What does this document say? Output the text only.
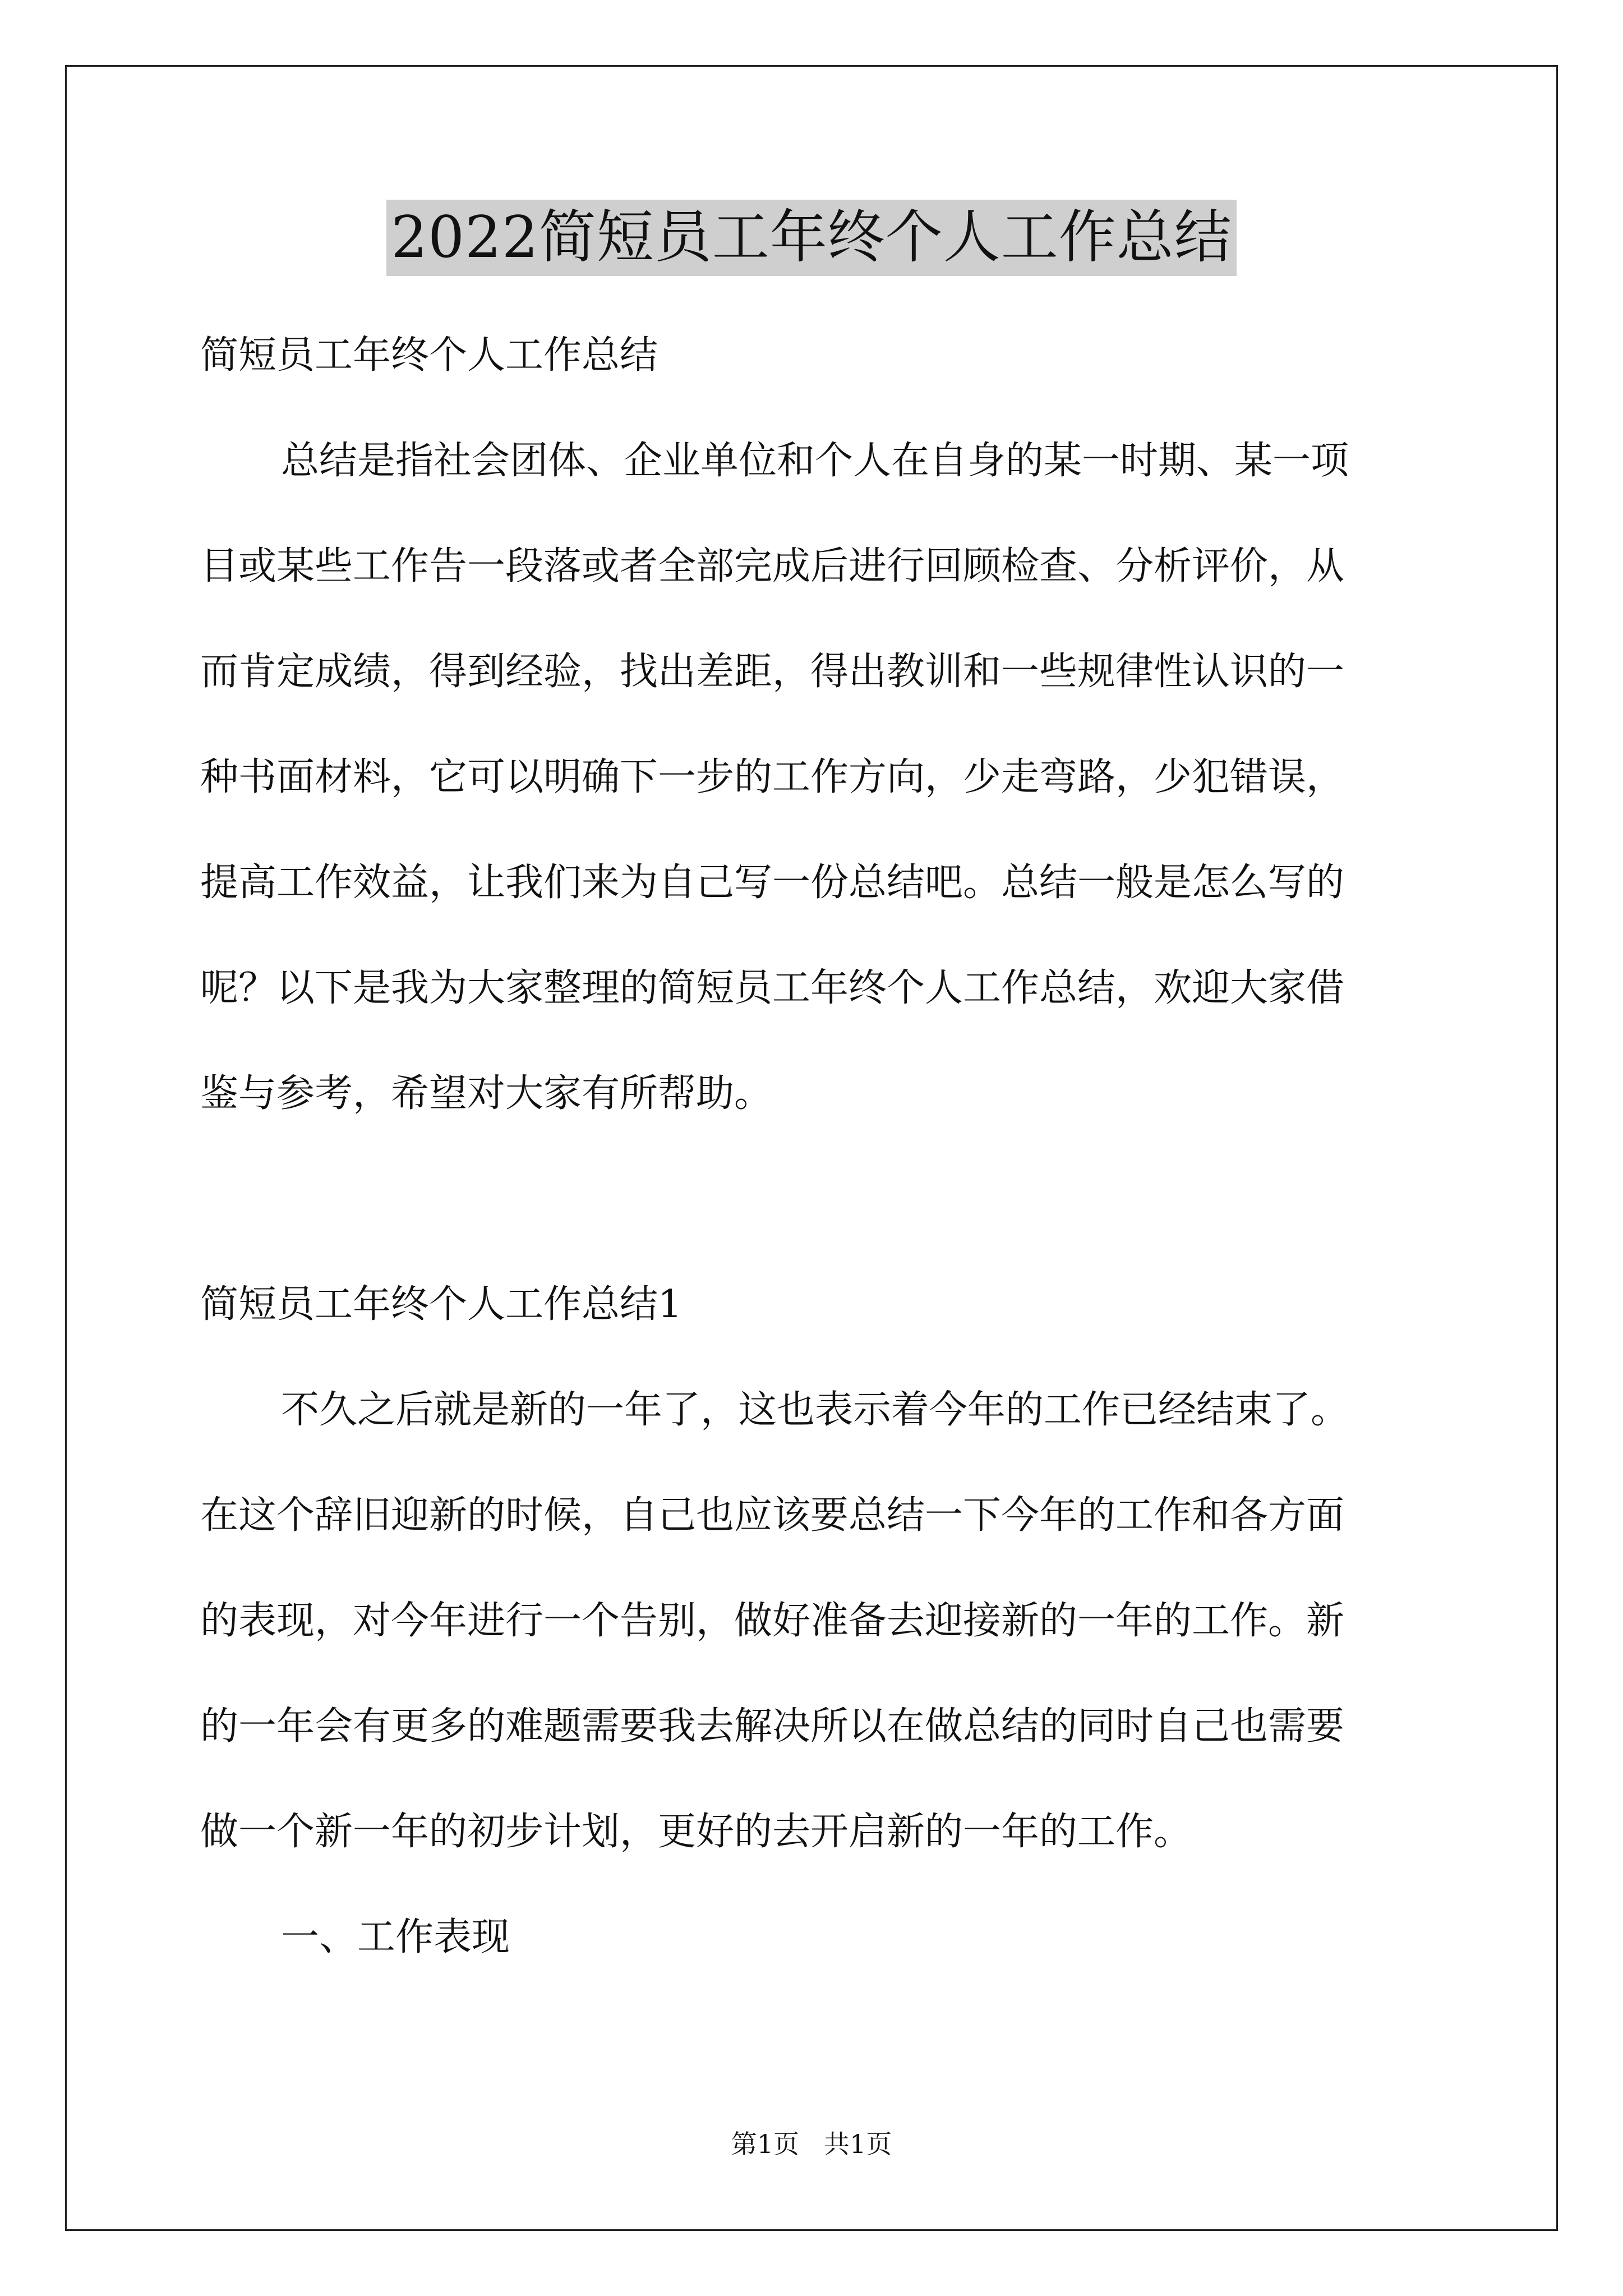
2022简短员工年终个人工作总结
简短员工年终个人工作总结
总结是指社会团体、企业单位和个人在自身的某一时期、某一项
目或某些工作告一段落或者全部完成后进行回顾检查、分析评价，从
而肯定成绩，得到经验，找出差距，得出教训和一些规律性认识的一
种书面材料，它可以明确下一步的工作方向，少走弯路，少犯错误，
提高工作效益，让我们来为自己写一份总结吧。总结一般是怎么写的
呢？以下是我为大家整理的简短员工年终个人工作总结，欢迎大家借
鉴与参考，希望对大家有所帮助。
简短员工年终个人工作总结1
不久之后就是新的一年了，这也表示着今年的工作已经结束了。
在这个辞旧迎新的时候，自己也应该要总结一下今年的工作和各方面
的表现，对今年进行一个告别，做好准备去迎接新的一年的工作。新
的一年会有更多的难题需要我去解决所以在做总结的同时自己也需要
做一个新一年的初步计划，更好的去开启新的一年的工作。
一、工作表现
第1页 共1页
